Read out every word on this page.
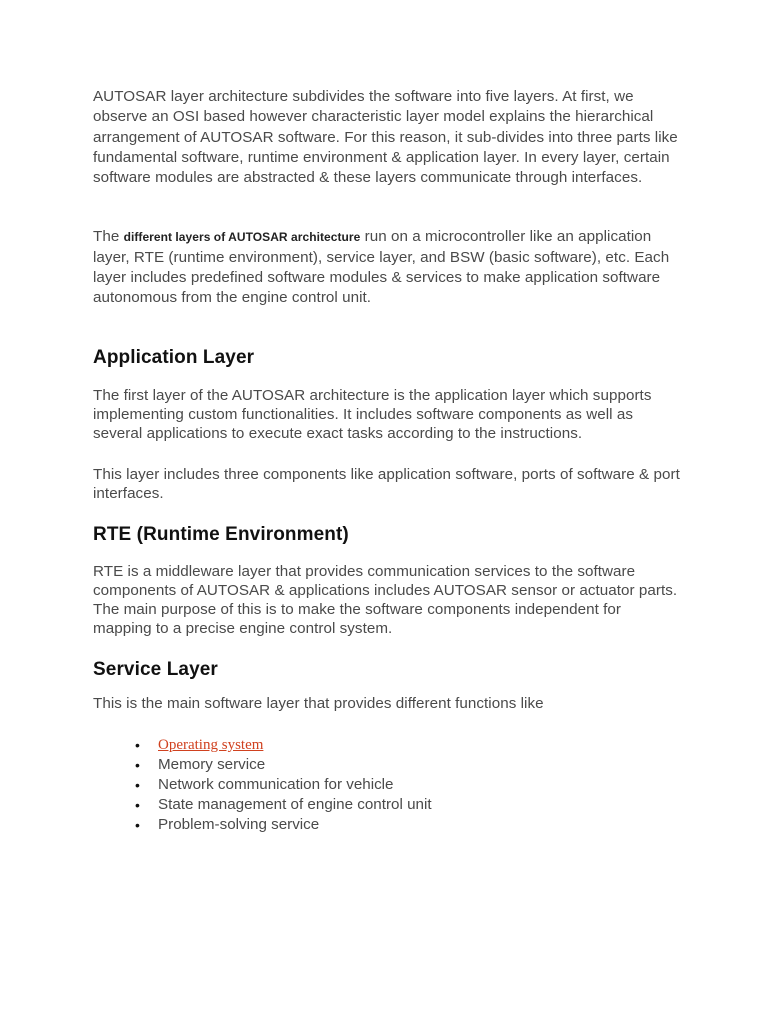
AUTOSAR layer architecture subdivides the software into five layers. At first, we observe an OSI based however characteristic layer model explains the hierarchical arrangement of AUTOSAR software. For this reason, it sub-divides into three parts like fundamental software, runtime environment & application layer. In every layer, certain software modules are abstracted & these layers communicate through interfaces.

The different layers of AUTOSAR architecture run on a microcontroller like an application layer, RTE (runtime environment), service layer, and BSW (basic software), etc. Each layer includes predefined software modules & services to make application software autonomous from the engine control unit.

Application Layer

The first layer of the AUTOSAR architecture is the application layer which supports implementing custom functionalities. It includes software components as well as several applications to execute exact tasks according to the instructions.

This layer includes three components like application software, ports of software & port interfaces.

RTE (Runtime Environment)

RTE is a middleware layer that provides communication services to the software components of AUTOSAR & applications includes AUTOSAR sensor or actuator parts. The main purpose of this is to make the software components independent for mapping to a precise engine control system.

Service Layer

This is the main software layer that provides different functions like

• Operating system
• Memory service
• Network communication for vehicle
• State management of engine control unit
• Problem-solving service
